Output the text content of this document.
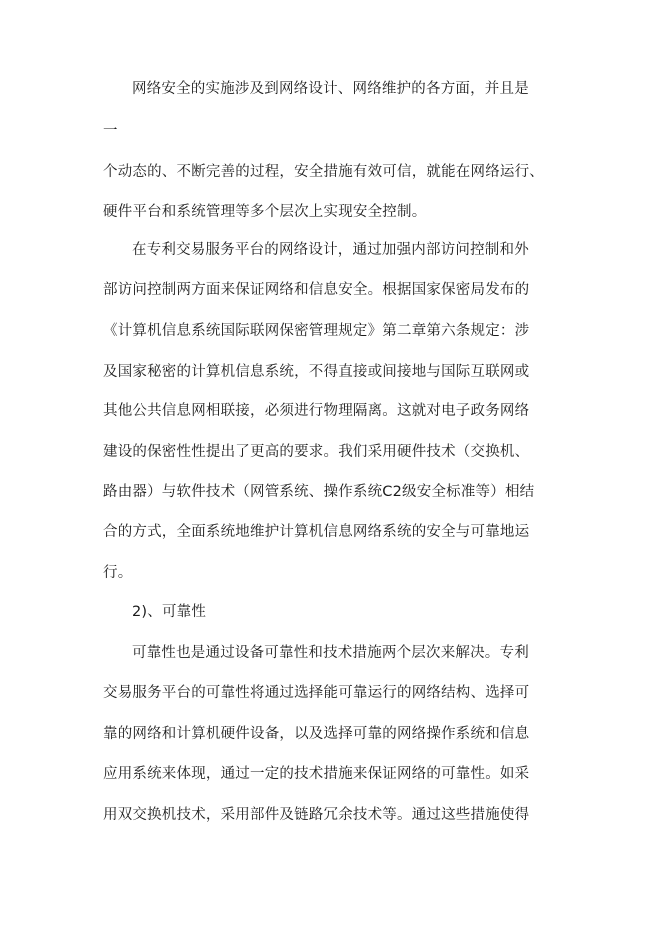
网络安全的实施涉及到网络设计、网络维护的各方面，并且是
一
个动态的、不断完善的过程，安全措施有效可信，就能在网络运行、
硬件平台和系统管理等多个层次上实现安全控制。
在专利交易服务平台的网络设计，通过加强内部访问控制和外
部访问控制两方面来保证网络和信息安全。根据国家保密局发布的
《计算机信息系统国际联网保密管理规定》第二章第六条规定：涉
及国家秘密的计算机信息系统，不得直接或间接地与国际互联网或
其他公共信息网相联接，必须进行物理隔离。这就对电子政务网络
建设的保密性性提出了更高的要求。我们采用硬件技术（交换机、
路由器）与软件技术（网管系统、操作系统C2级安全标准等）相结
合的方式，全面系统地维护计算机信息网络系统的安全与可靠地运
行。
2)、可靠性
可靠性也是通过设备可靠性和技术措施两个层次来解决。专利
交易服务平台的可靠性将通过选择能可靠运行的网络结构、选择可
靠的网络和计算机硬件设备，以及选择可靠的网络操作系统和信息
应用系统来体现，通过一定的技术措施来保证网络的可靠性。如采
用双交换机技术，采用部件及链路冗余技术等。通过这些措施使得
